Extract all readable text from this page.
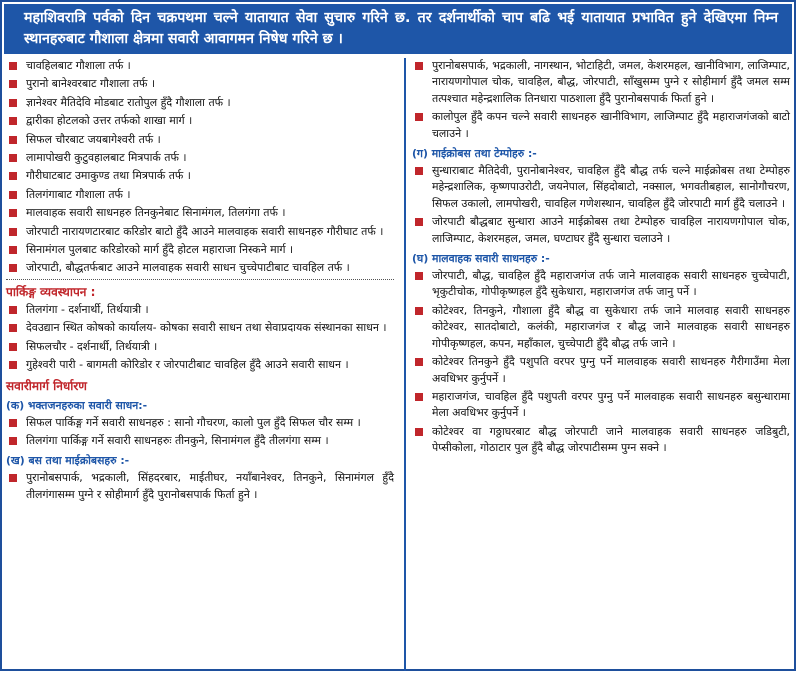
महाशिवरात्रि पर्वको दिन चक्रपथमा चल्ने यातायात सेवा सुचारु गरिने छ. तर दर्शनार्थीको चाप बढि भई यातायात प्रभावित हुने देखिएमा निम्न स्थानहरुबाट गौशाला क्षेत्रमा सवारी आवागमन निषेध गरिने छ ।
चावहिलबाट गौशाला तर्फ ।
पुरानो बानेश्वरबाट गौशाला तर्फ ।
ज्ञानेश्वर मैतिदेवि मोडबाट रातोपुल हुँदै गौशाला तर्फ ।
द्वारीका होटलको उत्तर तर्फको शाखा मार्ग ।
सिफल चौरबाट जयबागेश्वरी तर्फ ।
लामापोखरी कुटुवहालबाट मित्रपार्क तर्फ ।
गौरीघाटबाट उमाकुण्ड तथा मित्रपार्क तर्फ ।
तिलगंगाबाट गौशाला तर्फ ।
मालवाहक सवारी साधनहरु तिनकुनेबाट सिनामंगल, तिलगंगा तर्फ ।
जोरपाटी नारायणटारबाट करिडोर बाटो हुँदै आउने मालवाहक सवारी साधनहरु गौरीघाट तर्फ ।
सिनामंगल पुलबाट करिडोरको मार्ग हुँदै होटल महाराजा निस्कने मार्ग ।
जोरपाटी, बौद्धतर्फबाट आउने मालवाहक सवारी साधन चुच्चेपाटीबाट चावहिल तर्फ ।
पार्किङ्ग व्यवस्थापन :
तिलगंगा - दर्शनार्थी, तिर्थयात्री ।
देवउद्यान स्थित कोषको कार्यालय- कोषका सवारी साधन तथा सेवाप्रदायक संस्थानका साधन ।
सिफलचौर - दर्शनार्थी, तिर्थयात्री ।
गुहेश्वरी पारी - बागमती कोरिडोर र जोरपाटीबाट चावहिल हुँदै आउने सवारी साधन ।
सवारीमार्ग निर्धारण
(क) भक्तजनहरुका सवारी साधन:-
सिफल पार्किङ्ग गर्ने सवारी साधनहरु : सानो गौचरण, कालो पुल हुँदै सिफल चौर सम्म ।
तिलगंगा पार्किङ्ग गर्ने सवारी साधनहरुः तीनकुने, सिनामंगल हुँदै तीलगंगा सम्म ।
(ख) बस तथा माईक्रोबसहरु :-
पुरानोबसपार्क, भद्रकाली, सिंहदरबार, माईतीघर, नयाँबानेश्वर, तिनकुने, सिनामंगल हुँदै तीलगंगासम्म पुग्ने र सोहीमार्ग हुँदै पुरानोबसपार्क फिर्ता हुने ।
पुरानोबसपार्क, भद्रकाली, नागस्थान, भोटाहिटी, जमल, केशरमहल, खानीविभाग, लाजिम्पाट, नारायणगोपाल चोक, चावहिल, बौद्ध, जोरपाटी, साँखुसम्म पुग्ने र सोहीमार्ग हुँदै जमल सम्म तत्पश्चात महेन्द्रशालिक तिनधारा पाठशाला हुँदै पुरानोबसपार्क फिर्ता हुने ।
कालोपुल हुँदै कपन चल्ने सवारी साधनहरु खानीविभाग, लाजिम्पाट हुँदै महाराजगंजको बाटो चलाउने ।
(ग) माईक्रोबस तथा टेम्पोहरु :-
सुन्धाराबाट मैतिदेवी, पुरानोबानेश्वर, चावहिल हुँदै बौद्ध तर्फ चल्ने माईक्रोबस तथा टेम्पोहरु महेन्द्रशालिक, कृष्णपाउरोटी, जयनेपाल, सिंहदोबाटो, नक्साल, भगवतीबहाल, सानोगौचरण, सिफल उकालो, लामपोखरी, चावहिल गणेशस्थान, चावहिल हुँदै जोरपाटी मार्ग हुँदै चलाउने ।
जोरपाटी बौद्धबाट सुन्धारा आउने माईक्रोबस तथा टेम्पोहरु चावहिल नारायणगोपाल चोक, लाजिम्पाट, केशरमहल, जमल, घण्टाघर हुँदै सुन्धारा चलाउने ।
(घ) मालवाहक सवारी साधनहरु :-
जोरपाटी, बौद्ध, चावहिल हुँदै महाराजगंज तर्फ जाने मालवाहक सवारी साधनहरु चुच्चेपाटी, भृकुटीचोक, गोपीकृष्णहल हुँदै सुकेधारा, महाराजगंज तर्फ जानु पर्ने ।
कोटेश्वर, तिनकुने, गौशाला हुँदै बौद्ध वा सुकेधारा तर्फ जाने मालवाह सवारी साधनहरु कोटेश्वर, सातदोबाटो, कलंकी, महाराजगंज र बौद्ध जाने मालवाहक सवारी साधनहरु गोपीकृष्णहल, कपन, महाँकाल, चुच्चेपाटी हुँदै बौद्ध तर्फ जाने ।
कोटेश्वर तिनकुने हुँदै पशुपति वरपर पुग्नु पर्ने मालवाहक सवारी साधनहरु गैरीगाउँमा मेला अवधिभर कुर्नुपर्ने ।
महाराजगंज, चावहिल हुँदै पशुपती वरपर पुग्नु पर्ने मालवाहक सवारी साधनहरु बसुन्धारामा मेला अवधिभर कुर्नुपर्ने ।
कोटेश्वर वा गठ्ठाघरबाट बौद्ध जोरपाटी जाने मालवाहक सवारी साधनहरु जडिबुटी, पेप्सीकोला, गोठाटार पुल हुँदै बौद्ध जोरपाटीसम्म पुग्न सक्ने ।
